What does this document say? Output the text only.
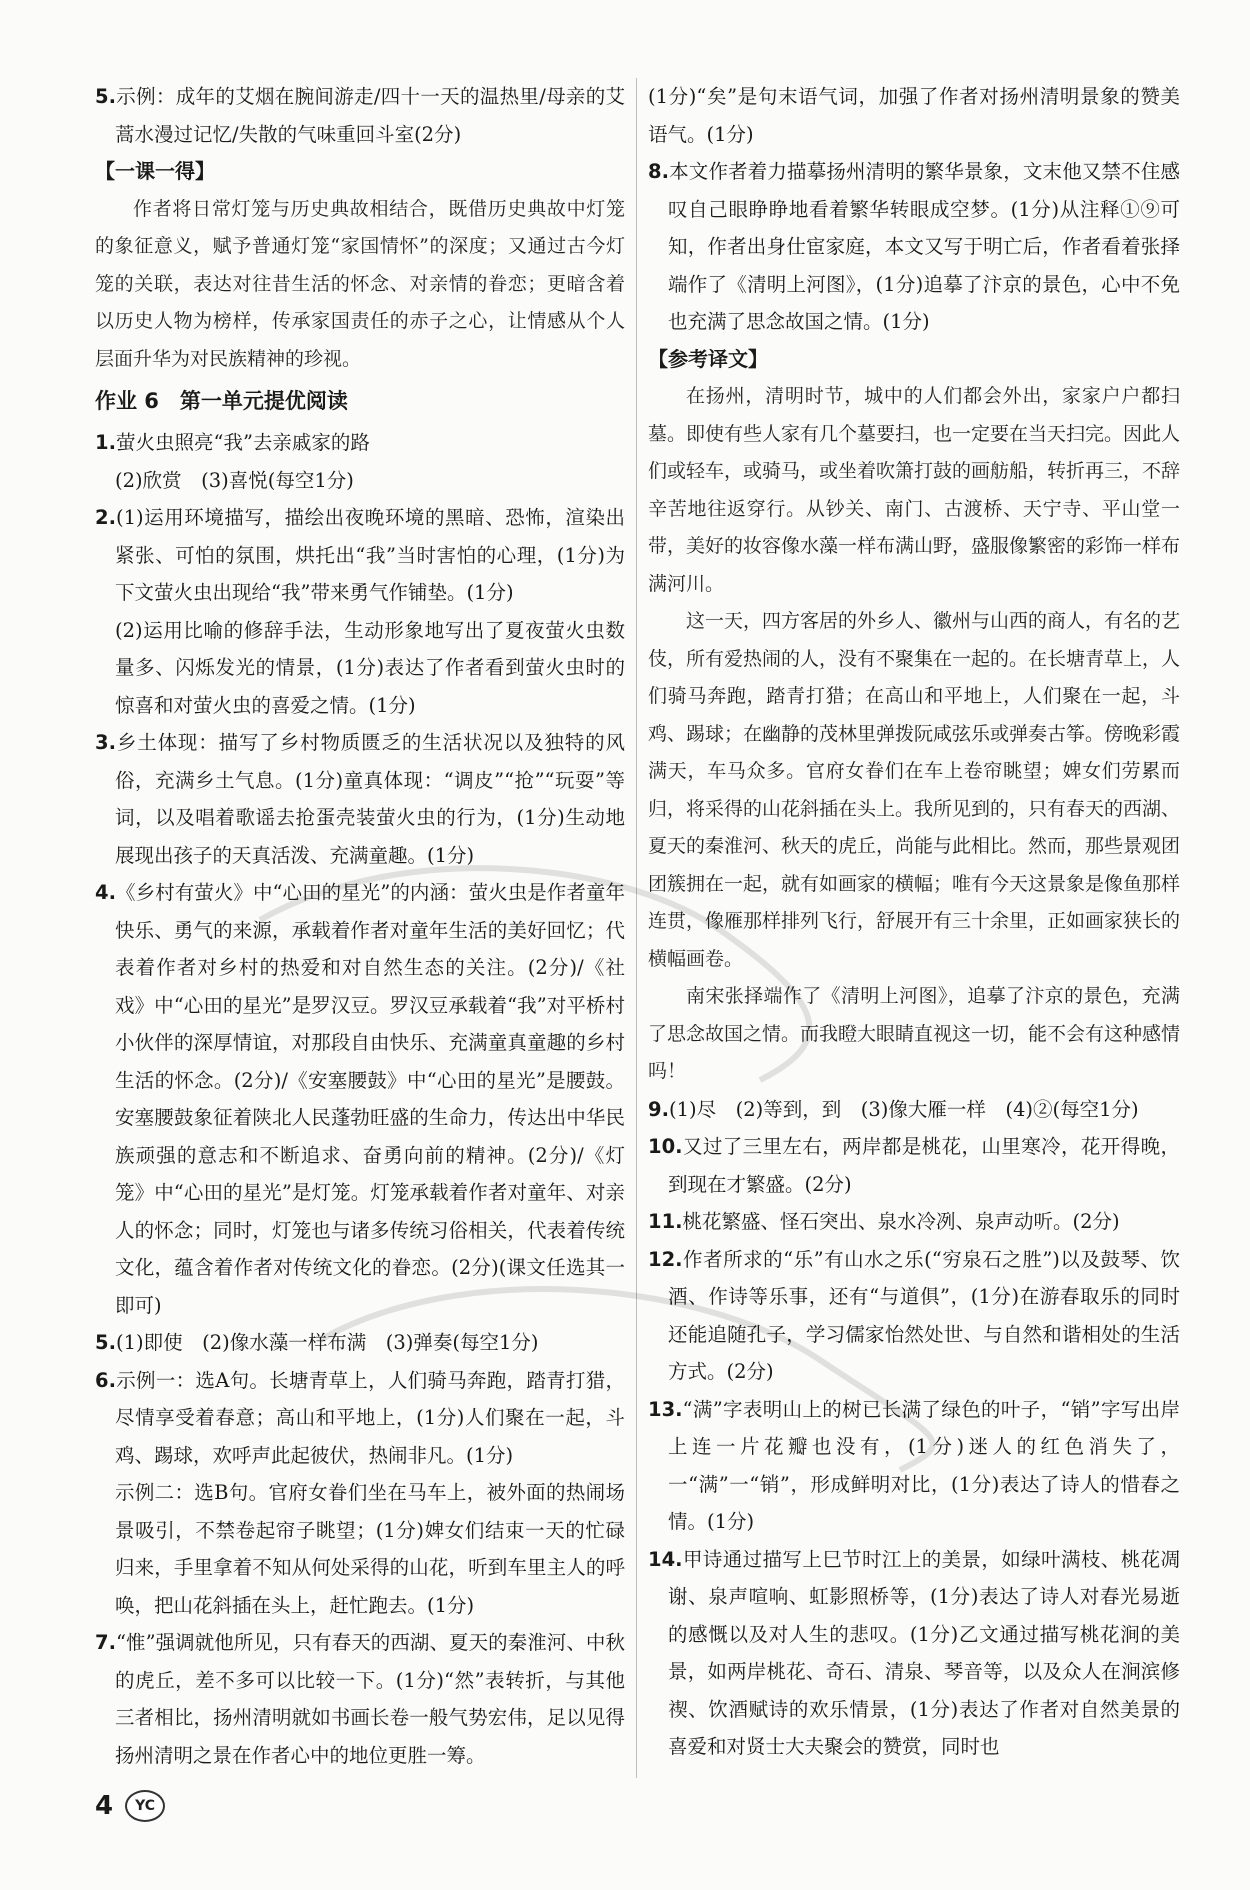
5.示例：成年的艾烟在腕间游走/四十一天的温热里/母亲的艾蒿水漫过记忆/失散的气味重回斗室(2分)

【一课一得】

作者将日常灯笼与历史典故相结合，既借历史典故中灯笼的象征意义，赋予普通灯笼“家国情怀”的深度；又通过古今灯笼的关联，表达对往昔生活的怀念、对亲情的眷恋；更暗含着以历史人物为榜样，传承家国责任的赤子之心，让情感从个人层面升华为对民族精神的珍视。

作业 6　第一单元提优阅读

1.萤火虫照亮“我”去亲戚家的路

(2)欣赏　(3)喜悦(每空1分)

2.(1)运用环境描写，描绘出夜晚环境的黑暗、恐怖，渲染出紧张、可怕的氛围，烘托出“我”当时害怕的心理，(1分)为下文萤火虫出现给“我”带来勇气作铺垫。(1分)

(2)运用比喻的修辞手法，生动形象地写出了夏夜萤火虫数量多、闪烁发光的情景，(1分)表达了作者看到萤火虫时的惊喜和对萤火虫的喜爱之情。(1分)

3.乡土体现：描写了乡村物质匮乏的生活状况以及独特的风俗，充满乡土气息。(1分)童真体现：“调皮”“抢”“玩耍”等词，以及唱着歌谣去抢蛋壳装萤火虫的行为，(1分)生动地展现出孩子的天真活泼、充满童趣。(1分)

4.《乡村有萤火》中“心田的星光”的内涵：萤火虫是作者童年快乐、勇气的来源，承载着作者对童年生活的美好回忆；代表着作者对乡村的热爱和对自然生态的关注。(2分)/《社戏》中“心田的星光”是罗汉豆。罗汉豆承载着“我”对平桥村小伙伴的深厚情谊，对那段自由快乐、充满童真童趣的乡村生活的怀念。(2分)/《安塞腰鼓》中“心田的星光”是腰鼓。安塞腰鼓象征着陕北人民蓬勃旺盛的生命力，传达出中华民族顽强的意志和不断追求、奋勇向前的精神。(2分)/《灯笼》中“心田的星光”是灯笼。灯笼承载着作者对童年、对亲人的怀念；同时，灯笼也与诸多传统习俗相关，代表着传统文化，蕴含着作者对传统文化的眷恋。(2分)(课文任选其一即可)

5.(1)即使　(2)像水藻一样布满　(3)弹奏(每空1分)

6.示例一：选A句。长塘青草上，人们骑马奔跑，踏青打猎，尽情享受着春意；高山和平地上，(1分)人们聚在一起，斗鸡、踢球，欢呼声此起彼伏，热闹非凡。(1分)

示例二：选B句。官府女眷们坐在马车上，被外面的热闹场景吸引，不禁卷起帘子眺望；(1分)婢女们结束一天的忙碌归来，手里拿着不知从何处采得的山花，听到车里主人的呼唤，把山花斜插在头上，赶忙跑去。(1分)

7.“惟”强调就他所见，只有春天的西湖、夏天的秦淮河、中秋的虎丘，差不多可以比较一下。(1分)“然”表转折，与其他三者相比，扬州清明就如书画长卷一般气势宏伟，足以见得扬州清明之景在作者心中的地位更胜一筹。

(1分)“矣”是句末语气词，加强了作者对扬州清明景象的赞美语气。(1分)

8.本文作者着力描摹扬州清明的繁华景象，文末他又禁不住感叹自己眼睁睁地看着繁华转眼成空梦。(1分)从注释①⑨可知，作者出身仕宦家庭，本文又写于明亡后，作者看着张择端作了《清明上河图》，(1分)追摹了汴京的景色，心中不免也充满了思念故国之情。(1分)

【参考译文】

在扬州，清明时节，城中的人们都会外出，家家户户都扫墓。即使有些人家有几个墓要扫，也一定要在当天扫完。因此人们或轻车，或骑马，或坐着吹箫打鼓的画舫船，转折再三，不辞辛苦地往返穿行。从钞关、南门、古渡桥、天宁寺、平山堂一带，美好的妆容像水藻一样布满山野，盛服像繁密的彩饰一样布满河川。

这一天，四方客居的外乡人、徽州与山西的商人，有名的艺伎，所有爱热闹的人，没有不聚集在一起的。在长塘青草上，人们骑马奔跑，踏青打猎；在高山和平地上，人们聚在一起，斗鸡、踢球；在幽静的茂林里弹拨阮咸弦乐或弹奏古筝。傍晚彩霞满天，车马众多。官府女眷们在车上卷帘眺望；婢女们劳累而归，将采得的山花斜插在头上。我所见到的，只有春天的西湖、夏天的秦淮河、秋天的虎丘，尚能与此相比。然而，那些景观团团簇拥在一起，就有如画家的横幅；唯有今天这景象是像鱼那样连贯，像雁那样排列飞行，舒展开有三十余里，正如画家狭长的横幅画卷。

南宋张择端作了《清明上河图》，追摹了汴京的景色，充满了思念故国之情。而我瞪大眼睛直视这一切，能不会有这种感情吗！

9.(1)尽　(2)等到，到　(3)像大雁一样　(4)②(每空1分)

10.又过了三里左右，两岸都是桃花，山里寒冷，花开得晚，到现在才繁盛。(2分)

11.桃花繁盛、怪石突出、泉水冷冽、泉声动听。(2分)

12.作者所求的“乐”有山水之乐(“穷泉石之胜”)以及鼓琴、饮酒、作诗等乐事，还有“与道俱”，(1分)在游春取乐的同时还能追随孔子，学习儒家怡然处世、与自然和谐相处的生活方式。(2分)

13.“满”字表明山上的树已长满了绿色的叶子，“销”字写出岸上连一片花瓣也没有，(1分)迷人的红色消失了，一“满”一“销”，形成鲜明对比，(1分)表达了诗人的惜春之情。(1分)

14.甲诗通过描写上巳节时江上的美景，如绿叶满枝、桃花凋谢、泉声喧响、虹影照桥等，(1分)表达了诗人对春光易逝的感慨以及对人生的悲叹。(1分)乙文通过描写桃花涧的美景，如两岸桃花、奇石、清泉、琴音等，以及众人在涧滨修禊、饮酒赋诗的欢乐情景，(1分)表达了作者对自然美景的喜爱和对贤士大夫聚会的赞赏，同时也

4	YC
